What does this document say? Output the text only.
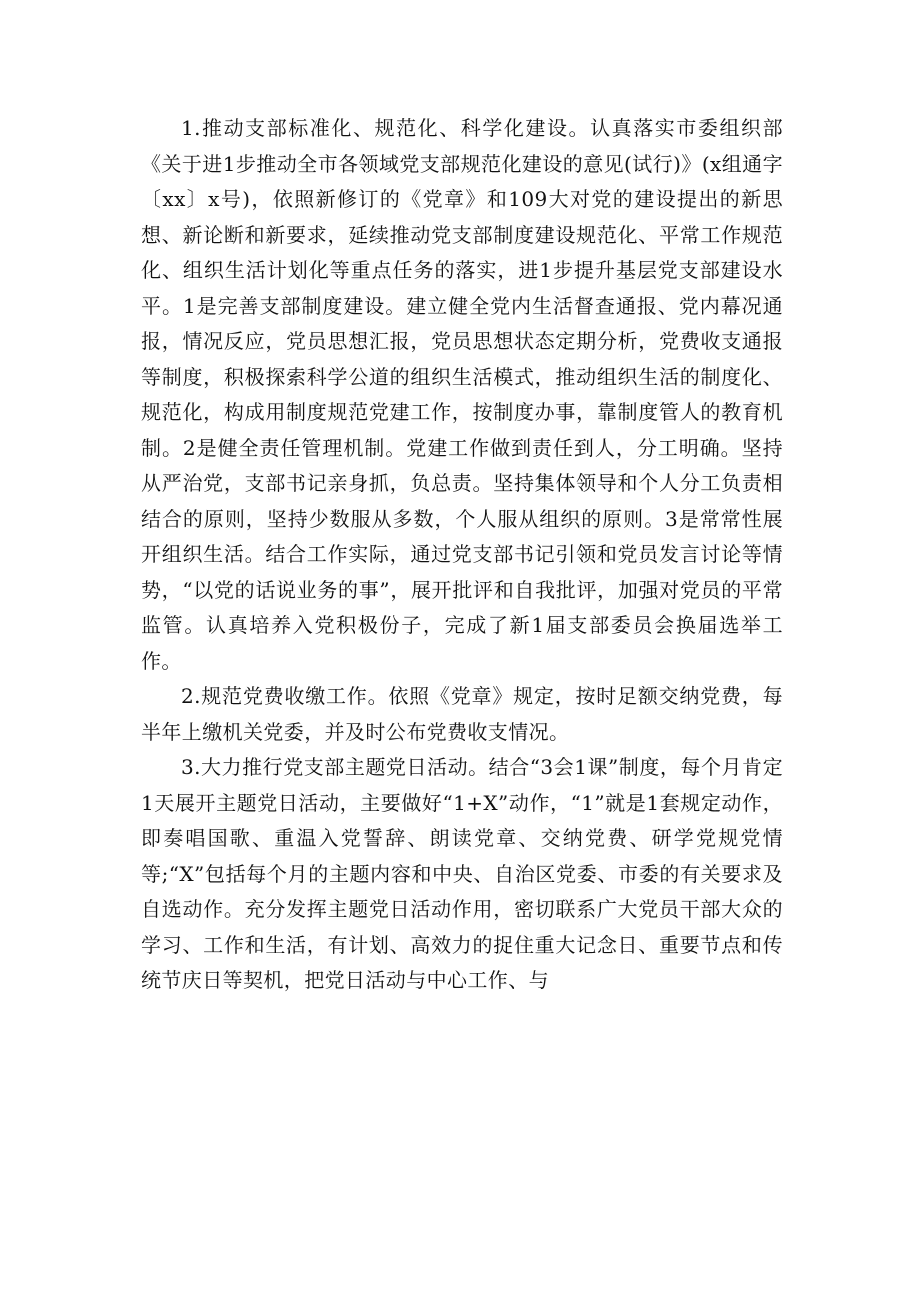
1.推动支部标准化、规范化、科学化建设。认真落实市委组织部《关于进1步推动全市各领域党支部规范化建设的意见(试行)》(x组通字〔xx〕x号)，依照新修订的《党章》和109大对党的建设提出的新思想、新论断和新要求，延续推动党支部制度建设规范化、平常工作规范化、组织生活计划化等重点任务的落实，进1步提升基层党支部建设水平。1是完善支部制度建设。建立健全党内生活督查通报、党内幕况通报，情况反应，党员思想汇报，党员思想状态定期分析，党费收支通报等制度，积极探索科学公道的组织生活模式，推动组织生活的制度化、规范化，构成用制度规范党建工作，按制度办事，靠制度管人的教育机制。2是健全责任管理机制。党建工作做到责任到人，分工明确。坚持从严治党，支部书记亲身抓，负总责。坚持集体领导和个人分工负责相结合的原则，坚持少数服从多数，个人服从组织的原则。3是常常性展开组织生活。结合工作实际，通过党支部书记引领和党员发言讨论等情势，“以党的话说业务的事”，展开批评和自我批评，加强对党员的平常监管。认真培养入党积极份子，完成了新1届支部委员会换届选举工作。

2.规范党费收缴工作。依照《党章》规定，按时足额交纳党费，每半年上缴机关党委，并及时公布党费收支情况。

3.大力推行党支部主题党日活动。结合“3会1课”制度，每个月肯定1天展开主题党日活动，主要做好“1+X”动作，“1”就是1套规定动作，即奏唱国歌、重温入党誓辞、朗读党章、交纳党费、研学党规党情等;“X”包括每个月的主题内容和中央、自治区党委、市委的有关要求及自选动作。充分发挥主题党日活动作用，密切联系广大党员干部大众的学习、工作和生活，有计划、高效力的捉住重大记念日、重要节点和传统节庆日等契机，把党日活动与中心工作、与
